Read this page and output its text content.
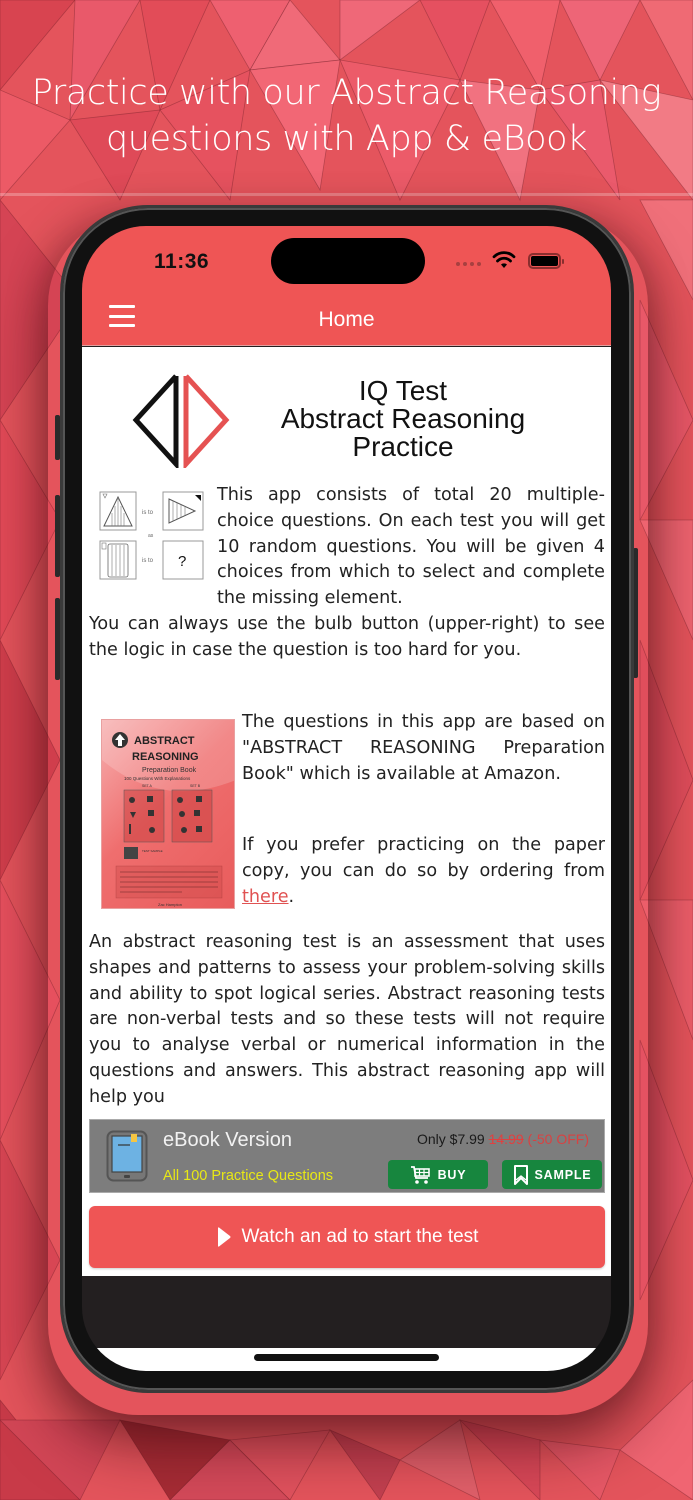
Practice with our Abstract Reasoning
questions with App & eBook
11:36
Home
IQ Test
Abstract Reasoning
Practice
is to
as
is to ?

This app consists of total 20 multiple-choice questions. On each test you will get 10 random questions. You will be given 4 choices from which to select and complete the missing element.

You can always use the bulb button (upper-right) to see the logic in case the question is too hard for you.

ABSTRACT
REASONING
Preparation Book
100 Questions With Explanations
SET A	SET B
TEST SAMPLE
Zac Hampton

The questions in this app are based on "ABSTRACT REASONING Preparation Book" which is available at Amazon.

If you prefer practicing on the paper copy, you can do so by ordering from there.

An abstract reasoning test is an assessment that uses shapes and patterns to assess your problem-solving skills and ability to spot logical series. Abstract reasoning tests are non-verbal tests and so these tests will not require you to analyse verbal or numerical information in the questions and answers. This abstract reasoning app will help you

eBook Version
All 100 Practice Questions
Only $7.99 14.99 (-50 OFF)
BUY	SAMPLE
Watch an ad to start the test
